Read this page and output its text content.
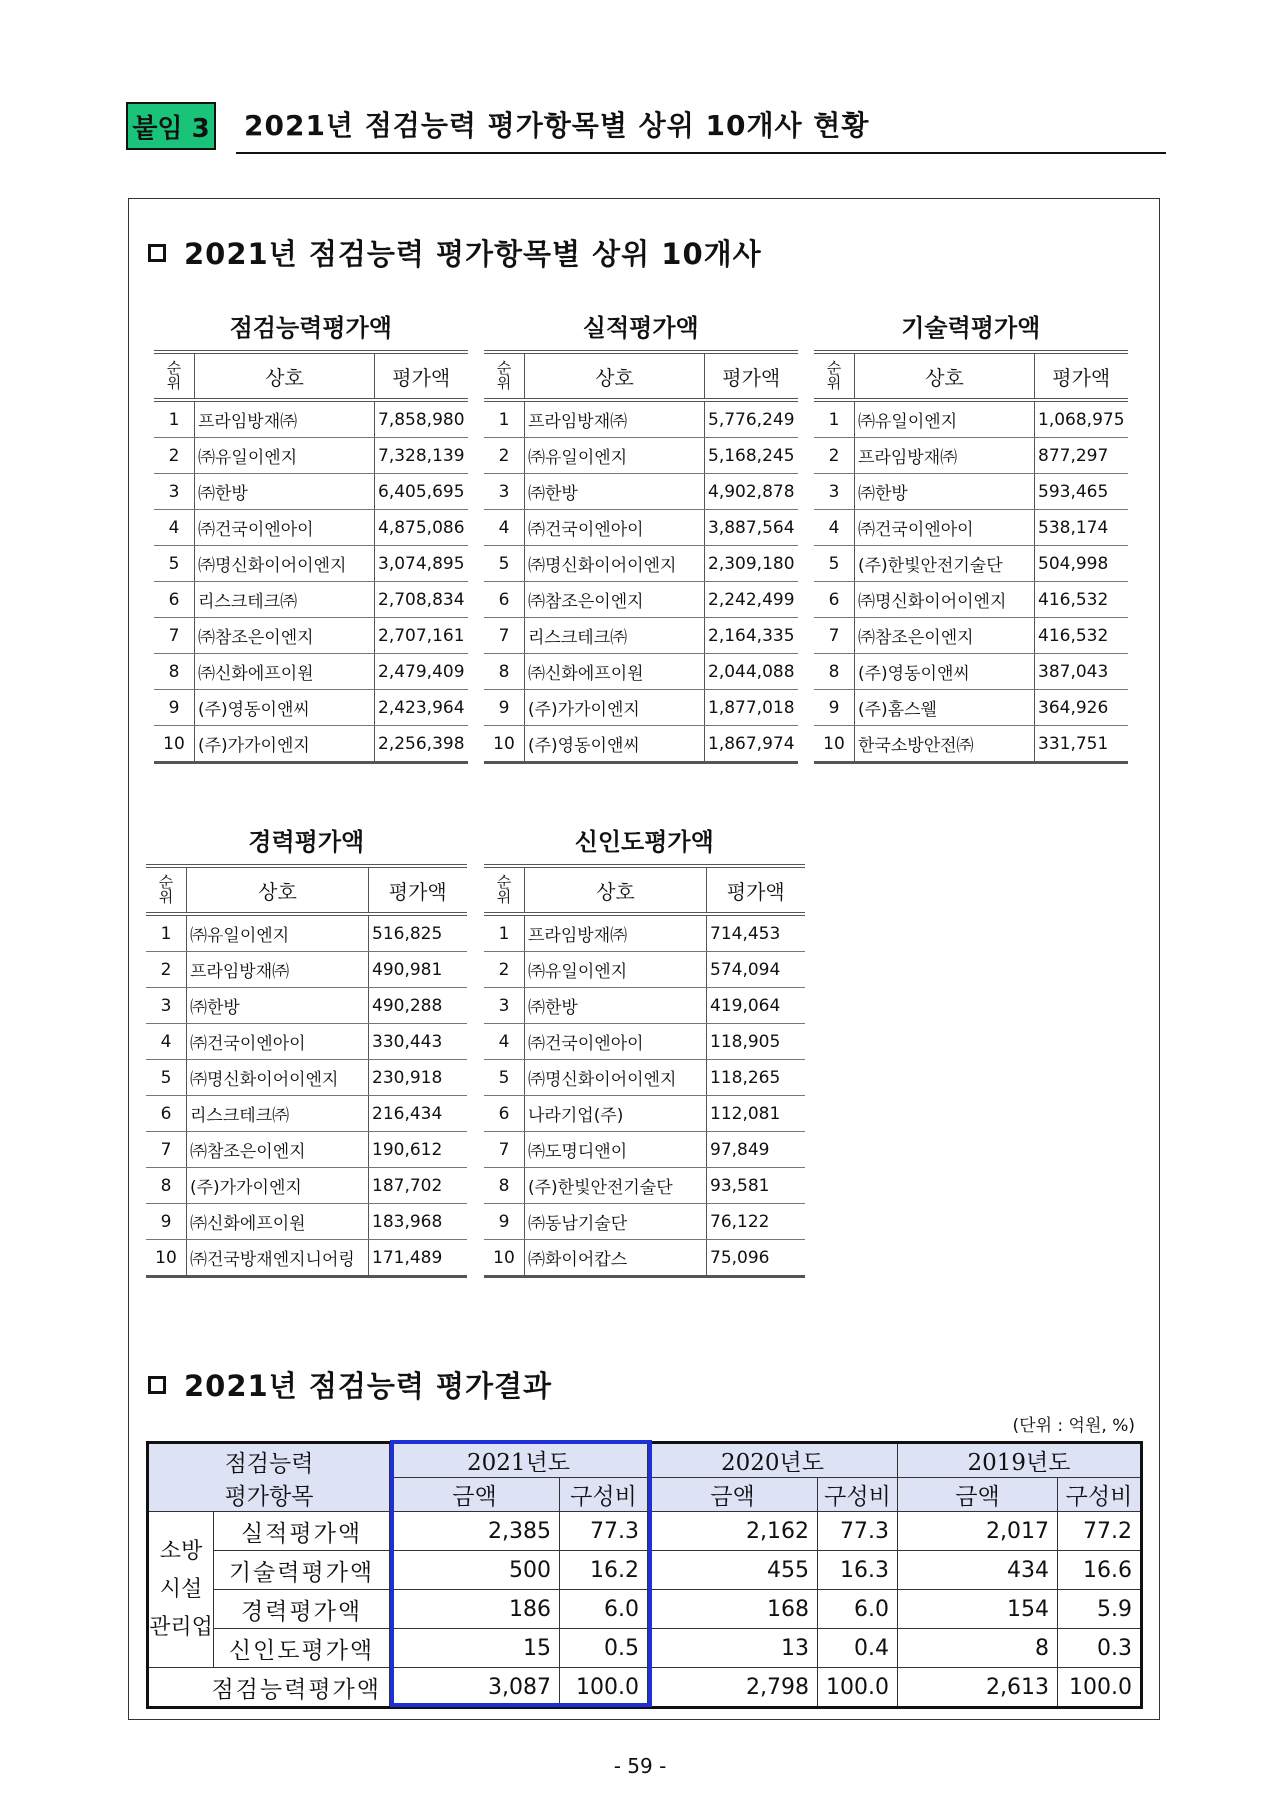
붙임 3 2021년 점검능력 평가항목별 상위 10개사 현황
2021년 점검능력 평가항목별 상위 10개사
점검능력평가액
순
위	상호	평가액
1	프라임방재㈜	7,858,980
2	㈜유일이엔지	7,328,139
3	㈜한방	6,405,695
4	㈜건국이엔아이	4,875,086
5	㈜명신화이어이엔지	3,074,895
6	리스크테크㈜	2,708,834
7	㈜참조은이엔지	2,707,161
8	㈜신화에프이원	2,479,409
9	(주)영동이앤씨	2,423,964
10	(주)가가이엔지	2,256,398
실적평가액
순
위	상호	평가액
1	프라임방재㈜	5,776,249
2	㈜유일이엔지	5,168,245
3	㈜한방	4,902,878
4	㈜건국이엔아이	3,887,564
5	㈜명신화이어이엔지	2,309,180
6	㈜참조은이엔지	2,242,499
7	리스크테크㈜	2,164,335
8	㈜신화에프이원	2,044,088
9	(주)가가이엔지	1,877,018
10	(주)영동이앤씨	1,867,974
기술력평가액
순
위	상호	평가액
1	㈜유일이엔지	1,068,975
2	프라임방재㈜	877,297
3	㈜한방	593,465
4	㈜건국이엔아이	538,174
5	(주)한빛안전기술단	504,998
6	㈜명신화이어이엔지	416,532
7	㈜참조은이엔지	416,532
8	(주)영동이앤씨	387,043
9	(주)홈스웰	364,926
10	한국소방안전㈜	331,751
경력평가액
순
위	상호	평가액
1	㈜유일이엔지	516,825
2	프라임방재㈜	490,981
3	㈜한방	490,288
4	㈜건국이엔아이	330,443
5	㈜명신화이어이엔지	230,918
6	리스크테크㈜	216,434
7	㈜참조은이엔지	190,612
8	(주)가가이엔지	187,702
9	㈜신화에프이원	183,968
10	㈜건국방재엔지니어링	171,489
신인도평가액
순
위	상호	평가액
1	프라임방재㈜	714,453
2	㈜유일이엔지	574,094
3	㈜한방	419,064
4	㈜건국이엔아이	118,905
5	㈜명신화이어이엔지	118,265
6	나라기업(주)	112,081
7	㈜도명디앤이	97,849
8	(주)한빛안전기술단	93,581
9	㈜동남기술단	76,122
10	㈜화이어캅스	75,096
2021년 점검능력 평가결과
(단위 : 억원, %)
점검능력
평가항목		2021년도		2020년도		2019년도	
		금액	구성비	금액	구성비	금액	구성비

소방
시설
관리업	실적평가액	2,385	77.3	2,162	77.3	2,017	77.2
	기술력평가액	500	16.2	455	16.3	434	16.6
	경력평가액	186	6.0	168	6.0	154	5.9
	신인도평가액	15	0.5	13	0.4	8	0.3
점검능력평가액		3,087	100.0	2,798	100.0	2,613	100.0
- 59 -
